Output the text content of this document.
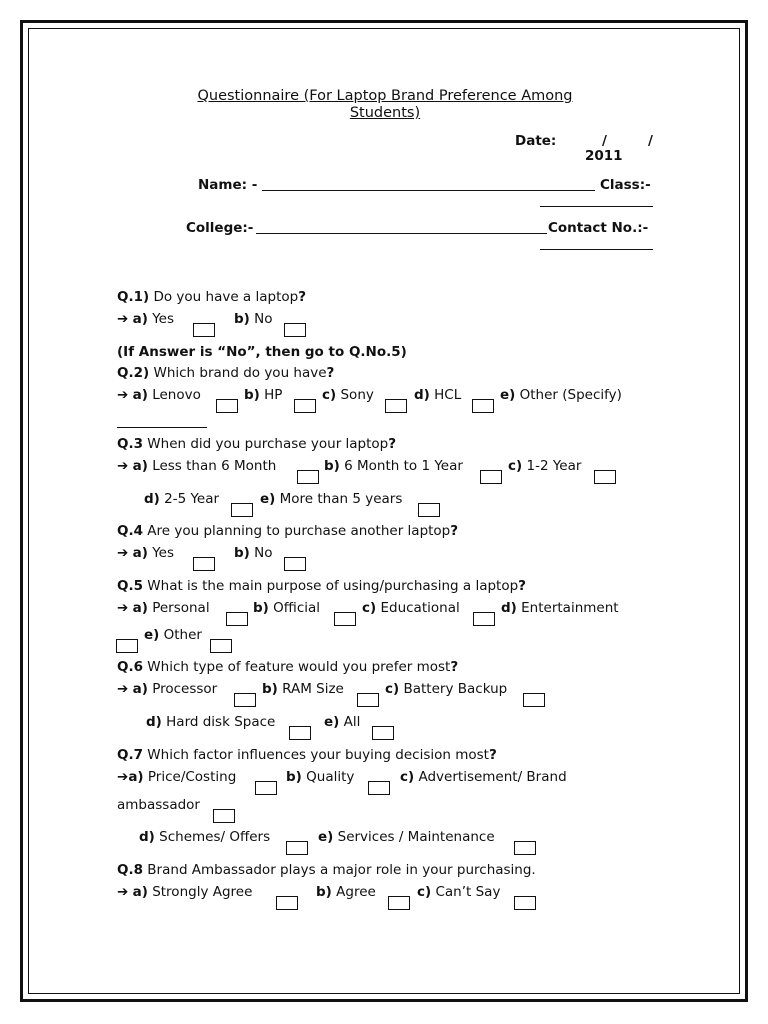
Questionnaire (For Laptop Brand Preference Among
Students)
Date:	/	/
2011
Name: -	Class:-
College:-	Contact No.:-
Q.1) Do you have a laptop?
➔ a) Yes	b) No
(If Answer is “No”, then go to Q.No.5)
Q.2) Which brand do you have?
➔ a) Lenovo	b) HP	c) Sony	d) HCL	e) Other (Specify)
Q.3 When did you purchase your laptop?
➔ a) Less than 6 Month	b) 6 Month to 1 Year	c) 1-2 Year
d) 2-5 Year	e) More than 5 years
Q.4 Are you planning to purchase another laptop?
➔ a) Yes	b) No
Q.5 What is the main purpose of using/purchasing a laptop?
➔ a) Personal	b) Official	c) Educational	d) Entertainment
e) Other
Q.6 Which type of feature would you prefer most?
➔ a) Processor	b) RAM Size	c) Battery Backup
d) Hard disk Space	e) All
Q.7 Which factor influences your buying decision most?
➔a) Price/Costing	b) Quality	c) Advertisement/ Brand
ambassador
d) Schemes/ Offers	e) Services / Maintenance
Q.8 Brand Ambassador plays a major role in your purchasing.
➔ a) Strongly Agree	b) Agree	c) Can’t Say
